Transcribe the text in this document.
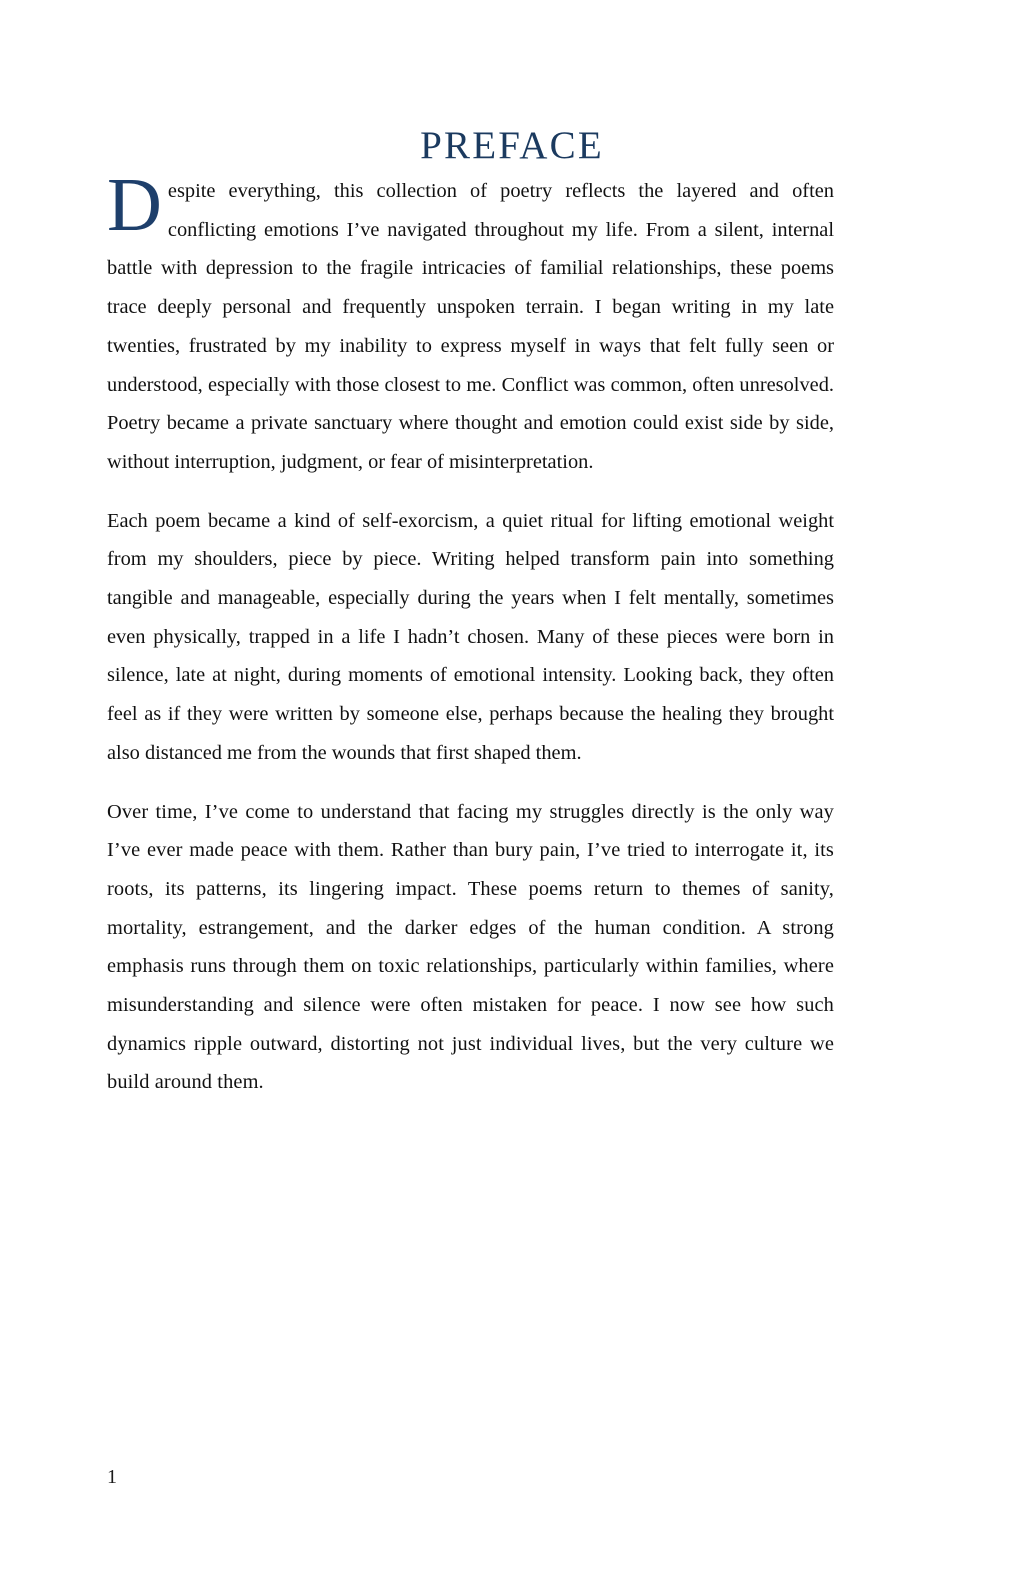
PREFACE

Despite everything, this collection of poetry reflects the layered and often conflicting emotions I’ve navigated throughout my life. From a silent, internal battle with depression to the fragile intricacies of familial relationships, these poems trace deeply personal and frequently unspoken terrain. I began writing in my late twenties, frustrated by my inability to express myself in ways that felt fully seen or understood, especially with those closest to me. Conflict was common, often unresolved. Poetry became a private sanctuary where thought and emotion could exist side by side, without interruption, judgment, or fear of misinterpretation.

Each poem became a kind of self-exorcism, a quiet ritual for lifting emotional weight from my shoulders, piece by piece. Writing helped transform pain into something tangible and manageable, especially during the years when I felt mentally, sometimes even physically, trapped in a life I hadn’t chosen. Many of these pieces were born in silence, late at night, during moments of emotional intensity. Looking back, they often feel as if they were written by someone else, perhaps because the healing they brought also distanced me from the wounds that first shaped them.

Over time, I’ve come to understand that facing my struggles directly is the only way I’ve ever made peace with them. Rather than bury pain, I’ve tried to interrogate it, its roots, its patterns, its lingering impact. These poems return to themes of sanity, mortality, estrangement, and the darker edges of the human condition. A strong emphasis runs through them on toxic relationships, particularly within families, where misunderstanding and silence were often mistaken for peace. I now see how such dynamics ripple outward, distorting not just individual lives, but the very culture we build around them.

1
